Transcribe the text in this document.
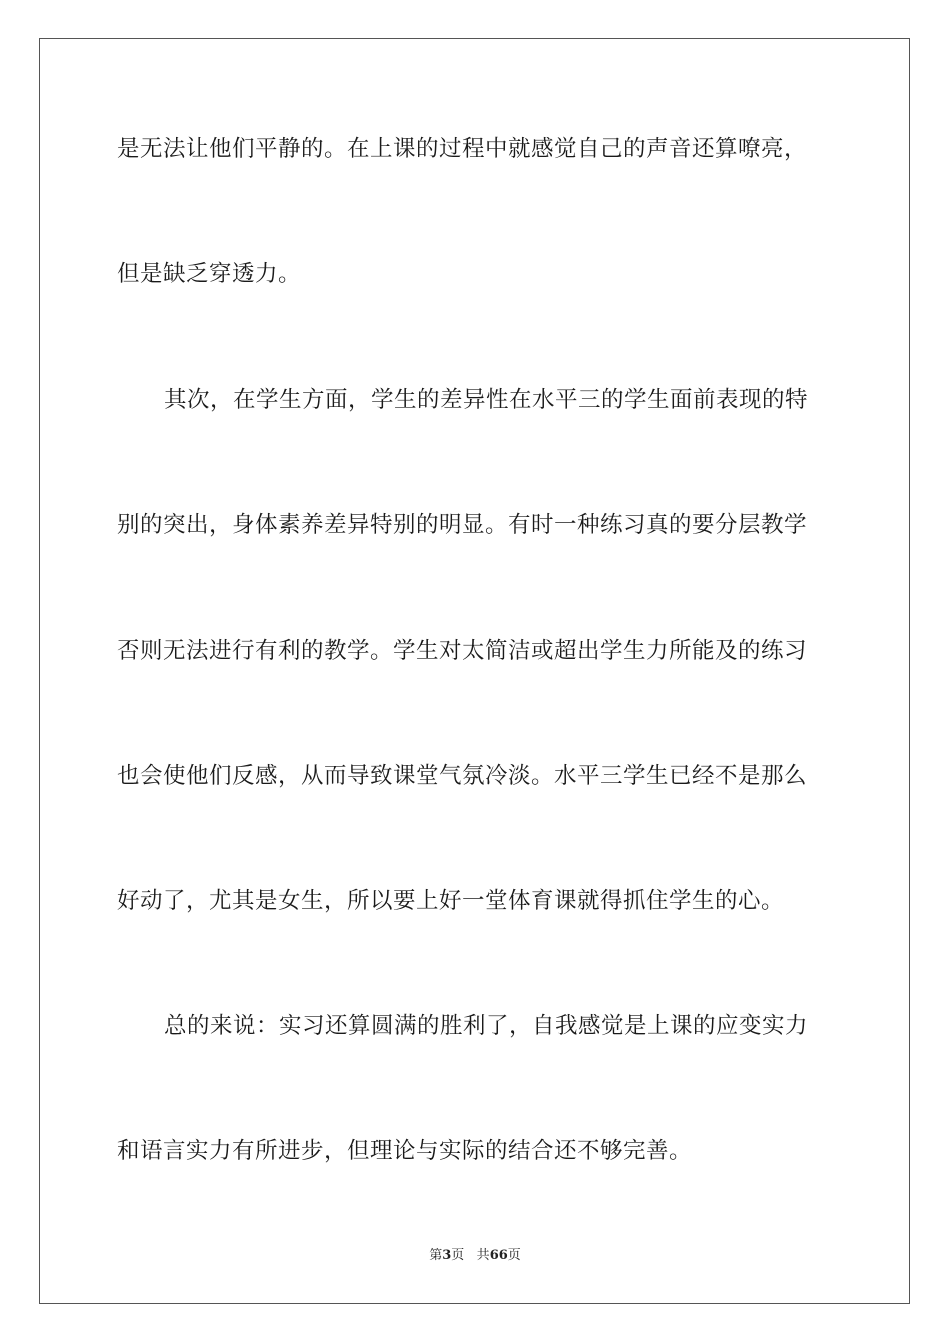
是无法让他们平静的。在上课的过程中就感觉自己的声音还算嘹亮，
但是缺乏穿透力。
其次，在学生方面，学生的差异性在水平三的学生面前表现的特
别的突出，身体素养差异特别的明显。有时一种练习真的要分层教学
否则无法进行有利的教学。学生对太简洁或超出学生力所能及的练习
也会使他们反感，从而导致课堂气氛冷淡。水平三学生已经不是那么
好动了，尤其是女生，所以要上好一堂体育课就得抓住学生的心。
总的来说：实习还算圆满的胜利了，自我感觉是上课的应变实力
和语言实力有所进步，但理论与实际的结合还不够完善。
第3页 共66页
